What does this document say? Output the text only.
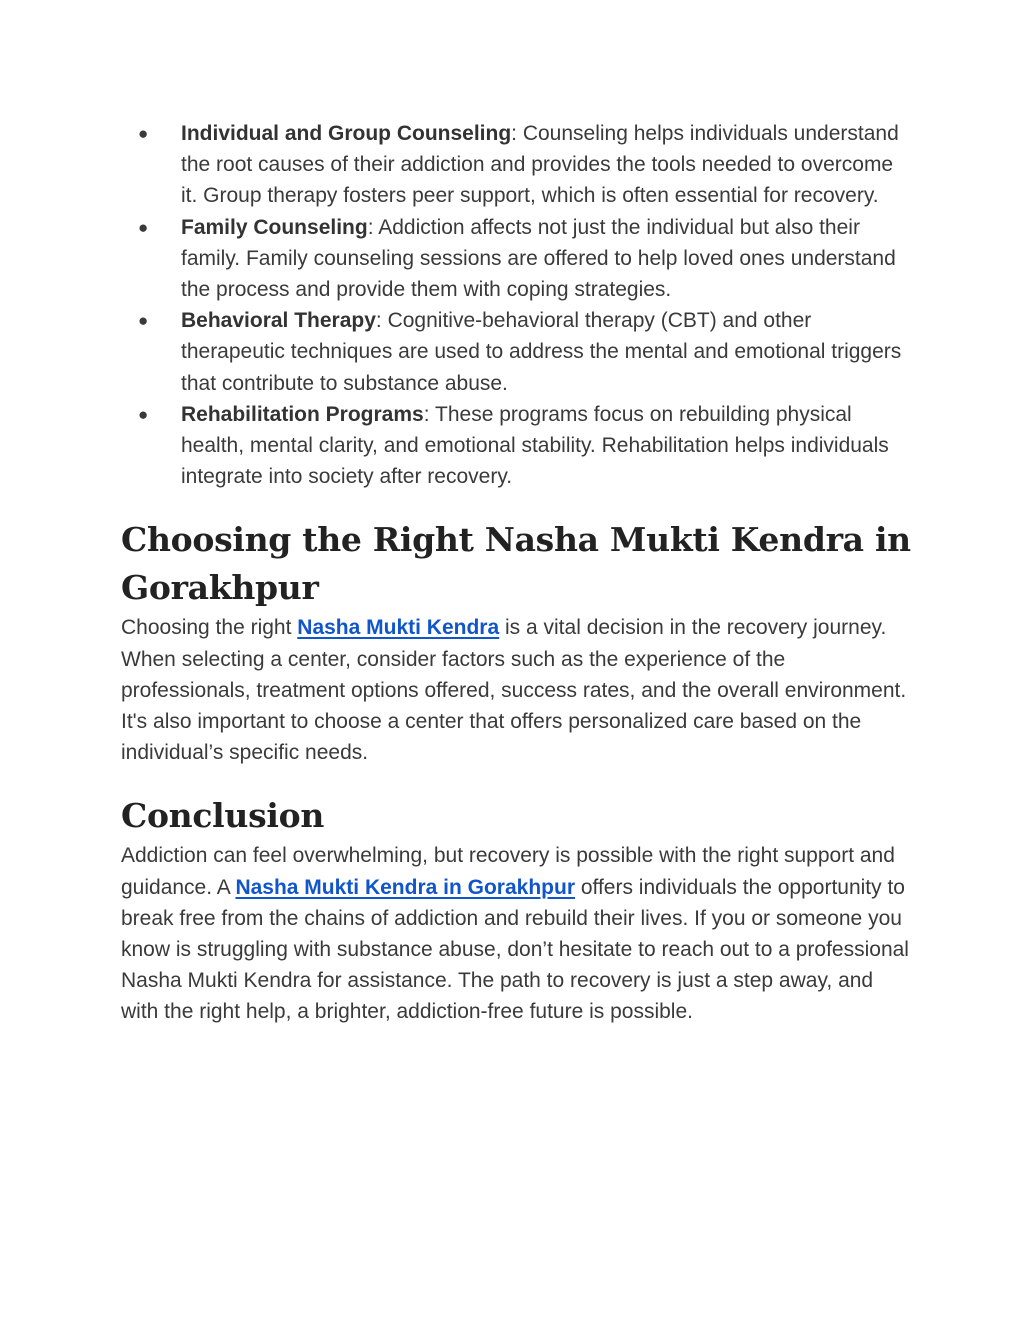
● Individual and Group Counseling: Counseling helps individuals understand the root causes of their addiction and provides the tools needed to overcome it. Group therapy fosters peer support, which is often essential for recovery.
● Family Counseling: Addiction affects not just the individual but also their family. Family counseling sessions are offered to help loved ones understand the process and provide them with coping strategies.
● Behavioral Therapy: Cognitive-behavioral therapy (CBT) and other therapeutic techniques are used to address the mental and emotional triggers that contribute to substance abuse.
● Rehabilitation Programs: These programs focus on rebuilding physical health, mental clarity, and emotional stability. Rehabilitation helps individuals integrate into society after recovery.
Choosing the Right Nasha Mukti Kendra in Gorakhpur

Choosing the right Nasha Mukti Kendra is a vital decision in the recovery journey. When selecting a center, consider factors such as the experience of the professionals, treatment options offered, success rates, and the overall environment. It's also important to choose a center that offers personalized care based on the individual’s specific needs.

Conclusion

Addiction can feel overwhelming, but recovery is possible with the right support and guidance. A Nasha Mukti Kendra in Gorakhpur offers individuals the opportunity to break free from the chains of addiction and rebuild their lives. If you or someone you know is struggling with substance abuse, don’t hesitate to reach out to a professional Nasha Mukti Kendra for assistance. The path to recovery is just a step away, and with the right help, a brighter, addiction-free future is possible.
